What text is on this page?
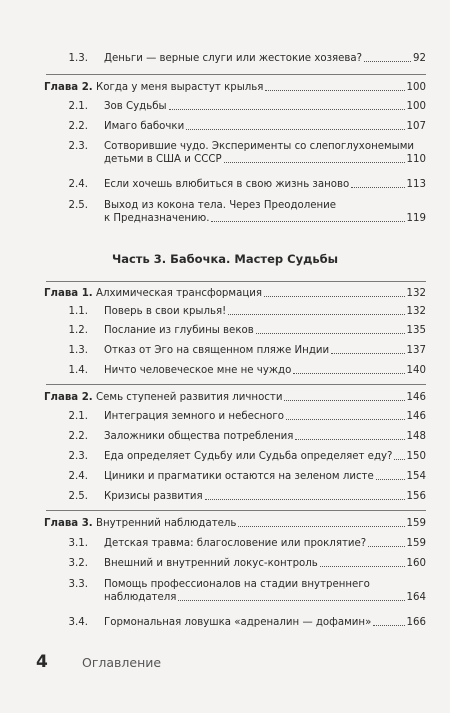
1.3. Деньги — верные слуги или жестокие хозяева?	92
Глава 2. Когда у меня вырастут крылья	100
2.1. Зов Судьбы	100
2.2. Имаго бабочки	107
2.3. Сотворившие чудо. Эксперименты со слепоглухонемыми
детьми в США и СССР	110
2.4. Если хочешь влюбиться в свою жизнь заново	113
2.5. Выход из кокона тела. Через Преодоление
к Предназначению.	119
Часть 3. Бабочка. Мастер Судьбы
Глава 1. Алхимическая трансформация	132
1.1. Поверь в свои крылья!	132
1.2. Послание из глубины веков	135
1.3. Отказ от Эго на священном пляже Индии	137
1.4. Ничто человеческое мне не чуждо	140
Глава 2. Семь ступеней развития личности	146
2.1. Интеграция земного и небесного	146
2.2. Заложники общества потребления	148
2.3. Еда определяет Судьбу или Судьба определяет еду? 150
2.4. Циники и прагматики остаются на зеленом листе	154
2.5. Кризисы развития	156
Глава 3. Внутренний наблюдатель	159
3.1. Детская травма: благословение или проклятие?	159
3.2. Внешний и внутренний локус-контроль	160
3.3. Помощь профессионалов на стадии внутреннего
наблюдателя	164
3.4. Гормональная ловушка «адреналин — дофамин»	166
4	Оглавление
